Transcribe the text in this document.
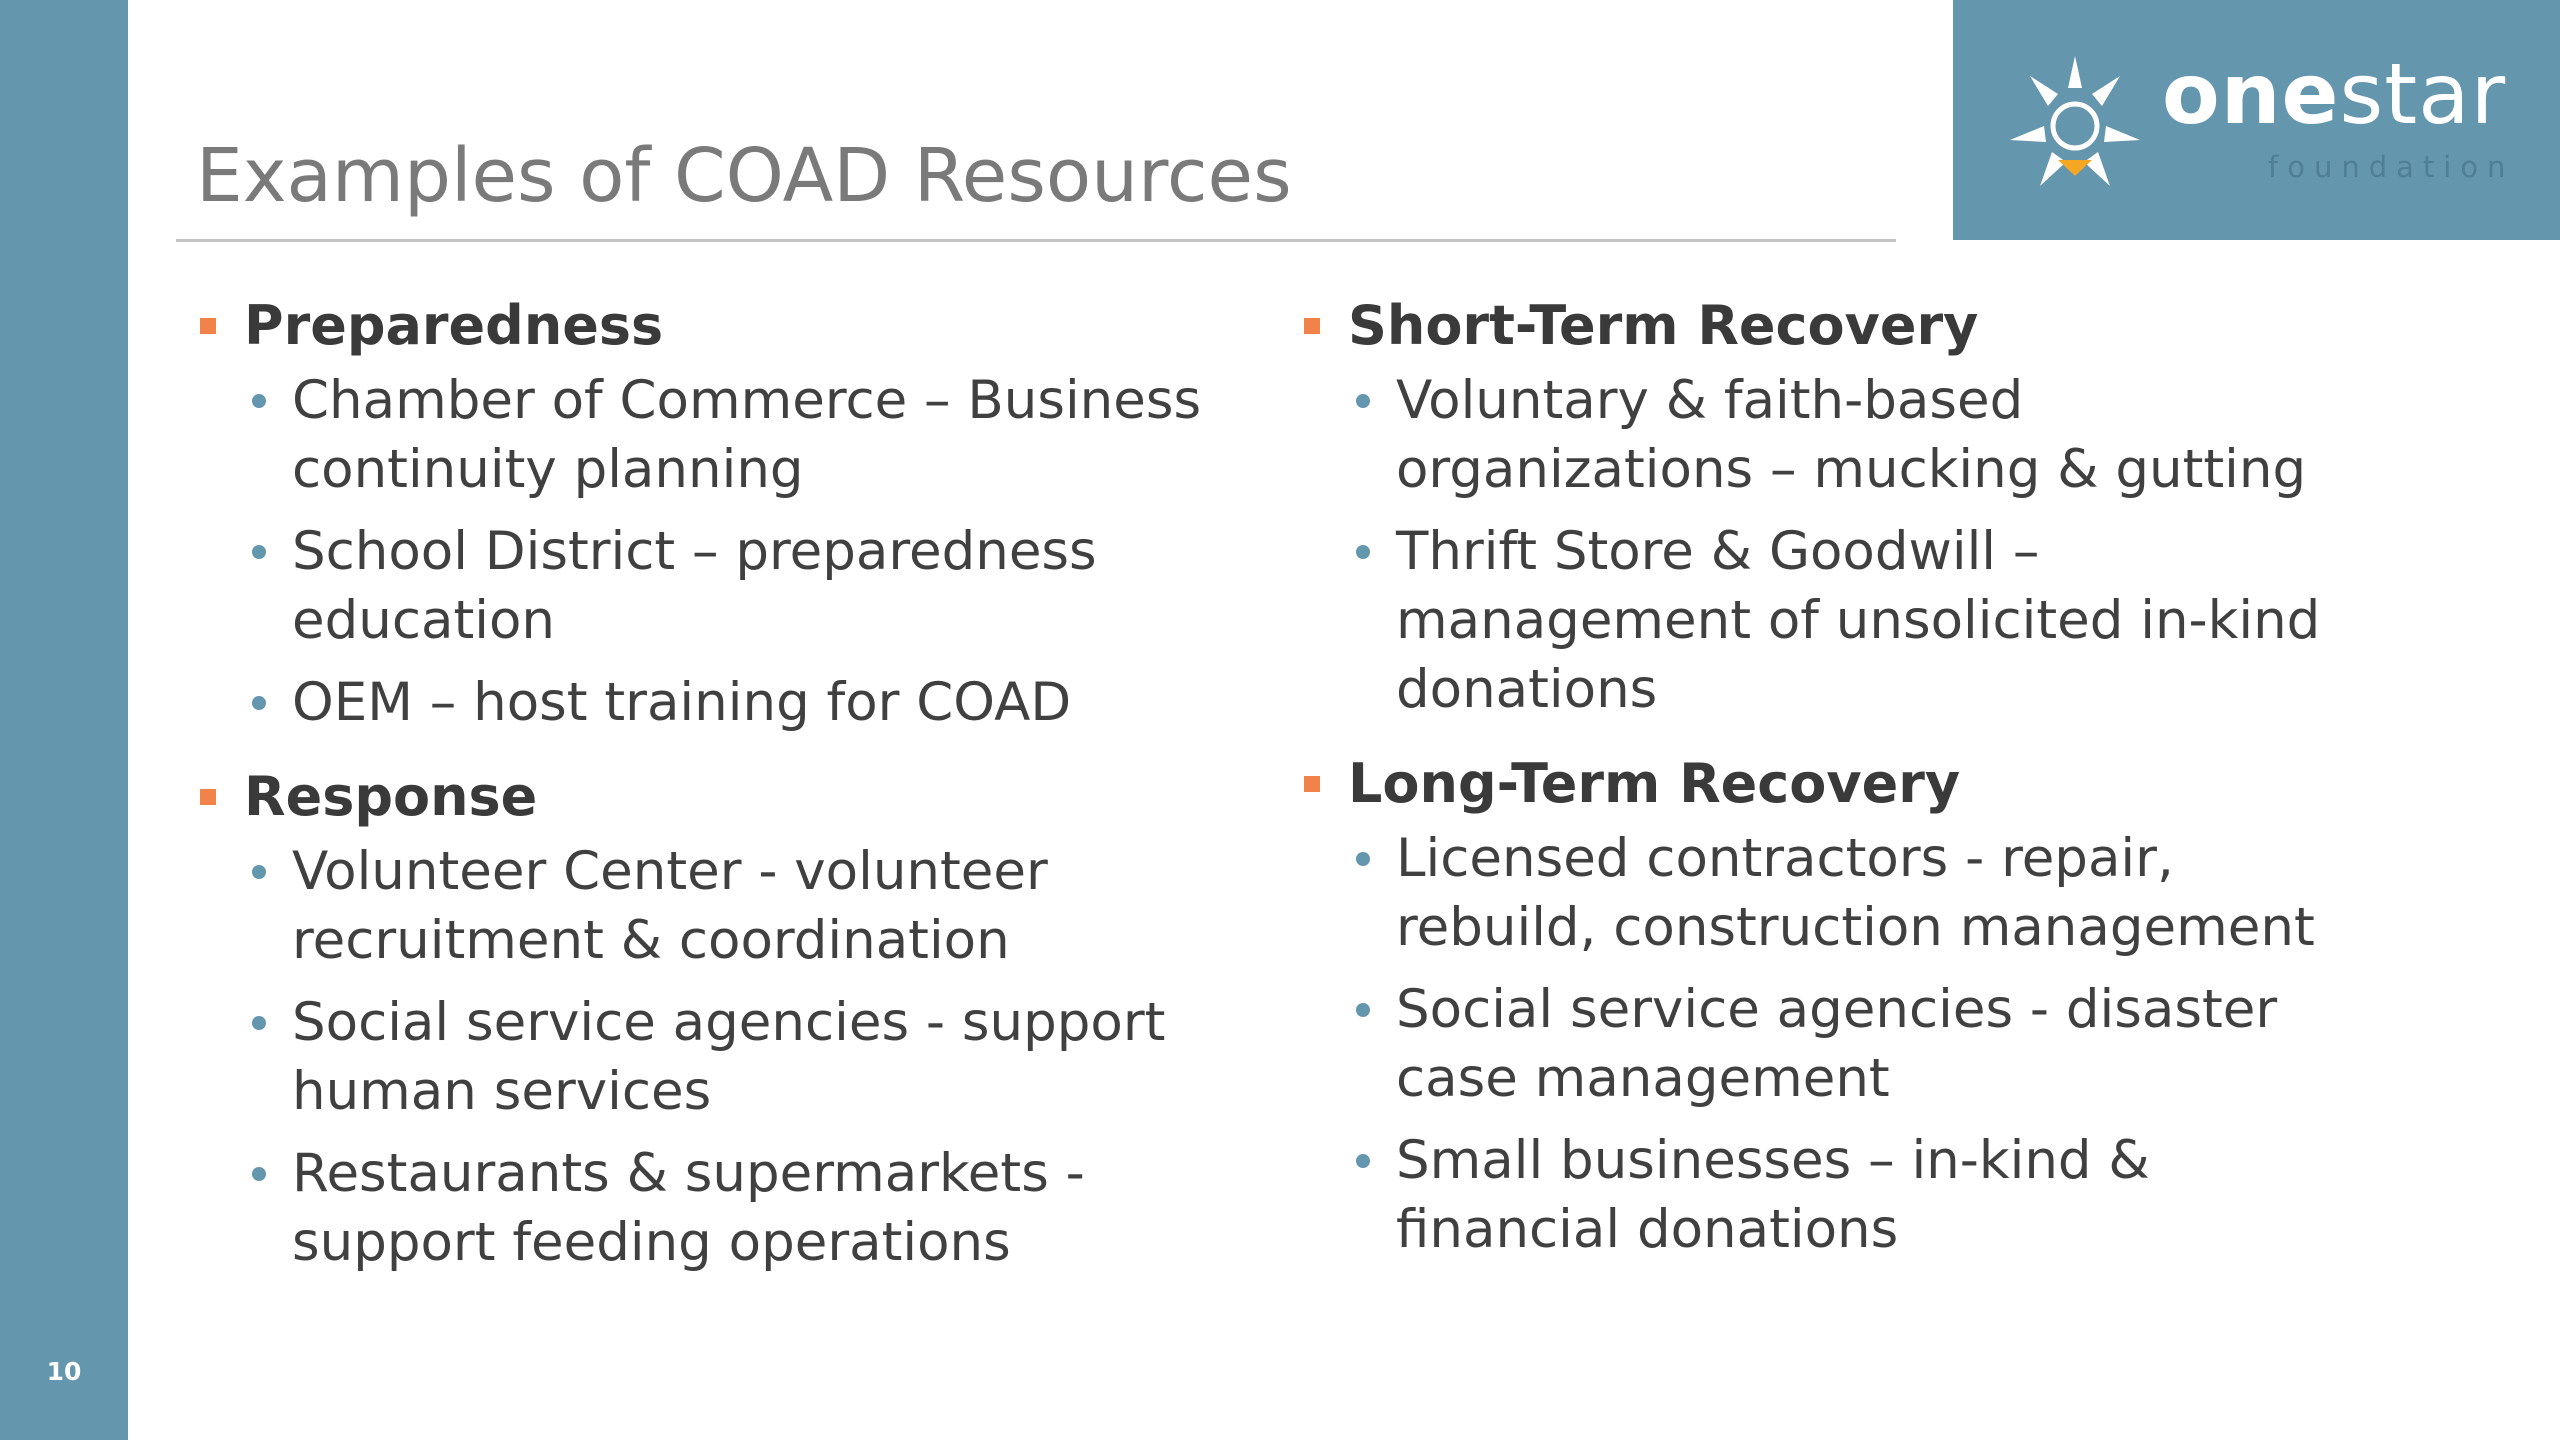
10
onestar
foundation
Examples of COAD Resources
Preparedness
Chamber of Commerce – Business continuity planning
School District – preparedness education
OEM – host training for COAD
Response
Volunteer Center - volunteer recruitment & coordination
Social service agencies - support human services
Restaurants & supermarkets - support feeding operations
Short-Term Recovery
Voluntary & faith-based organizations – mucking & gutting
Thrift Store & Goodwill – management of unsolicited in-kind donations
Long-Term Recovery
Licensed contractors - repair, rebuild, construction management
Social service agencies - disaster case management
Small businesses – in-kind & financial donations
